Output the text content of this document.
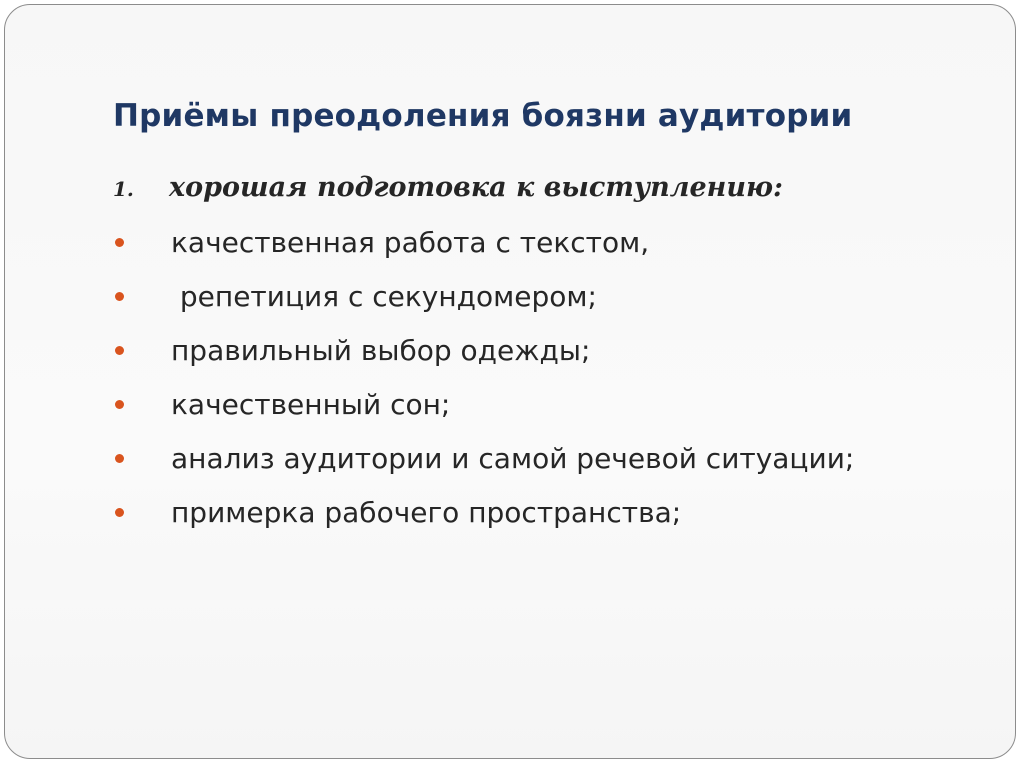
Приёмы преодоления боязни аудитории
1. хорошая подготовка к выступлению:
качественная работа с текстом,
репетиция с секундомером;
правильный выбор одежды;
качественный сон;
анализ аудитории и самой речевой ситуации;
примерка рабочего пространства;
